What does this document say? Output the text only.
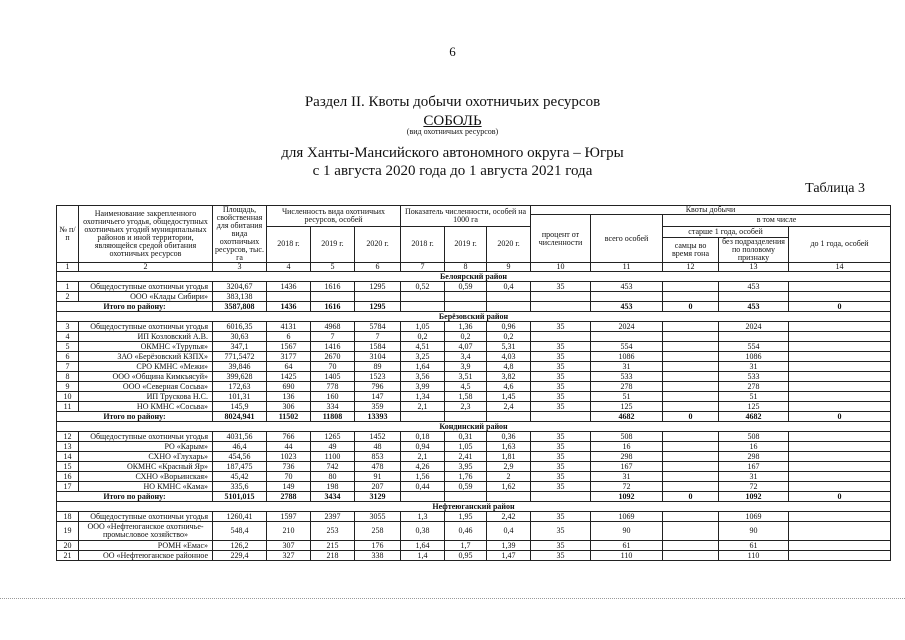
6
Раздел II. Квоты добычи охотничьих ресурсов
СОБОЛЬ
(вид охотничьих ресурсов)
для Ханты-Мансийского автономного округа – Югры
с 1 августа 2020 года до 1 августа 2021 года
Таблица 3
№ п/п	Наименование закрепленного охотничьего угодья, общедоступных охотничьих угодий муниципальных районов и иной территории, являющейся средой обитания охотничьих ресурсов	Площадь, свойственная для обитания вида охотничьих ресурсов, тыс. га	Численность вида охотничьих ресурсов, особей			Показатель численности, особей на 1000 га			Квоты добычи				
									процент от численности	всего особей	в том числе		
			2018 г.	2019 г.	2020 г.	2018 г.	2019 г.	2020 г.			старше 1 года, особей		до 1 года, особей
											самцы во время гона	без подразделения по половому признаку	
1	2	3	4	5	6	7	8	9	10	11	12	13	14
Белоярский район													
1	Общедоступные охотничьи угодья	3204,67	1436	1616	1295	0,52	0,59	0,4	35	453		453	
2	ООО «Клады Сибири»	383,138											
Итого по району:		3587,808	1436	1616	1295					453	0	453	0
Берёзовский район													
3	Общедоступные охотничьи угодья	6016,35	4131	4968	5784	1,05	1,36	0,96	35	2024		2024	
4	ИП Козловский А.В.	30,63	6	7	7	0,2	0,2	0,2					
5	ОКМНС «Турупья»	347,1	1567	1416	1584	4,51	4,07	5,31	35	554		554	
6	ЗАО «Берёзовский КЗПХ»	771,5472	3177	2670	3104	3,25	3,4	4,03	35	1086		1086	
7	СРО КМНС «Межи»	39,846	64	70	89	1,64	3,9	4,8	35	31		31	
8	ООО «Община Кимкъясуй»	399,628	1425	1405	1523	3,56	3,51	3,82	35	533		533	
9	ООО «Северная Сосьва»	172,63	690	778	796	3,99	4,5	4,6	35	278		278	
10	ИП Трускова Н.С.	101,31	136	160	147	1,34	1,58	1,45	35	51		51	
11	НО КМНС «Сосьва»	145,9	306	334	359	2,1	2,3	2,4	35	125		125	
Итого по району:		8024,941	11502	11808	13393					4682	0	4682	0
Кондинский район													
12	Общедоступные охотничьи угодья	4031,56	766	1265	1452	0,18	0,31	0,36	35	508		508	
13	РО «Карым»	46,4	44	49	48	0,94	1,05	1,63	35	16		16	
14	СХНО «Глухарь»	454,56	1023	1100	853	2,1	2,41	1,81	35	298		298	
15	ОКМНС «Красный Яр»	187,475	736	742	478	4,26	3,95	2,9	35	167		167	
16	СХНО «Ворьинская»	45,42	70	80	91	1,56	1,76	2	35	31		31	
17	НО КМНС «Кама»	335,6	149	198	207	0,44	0,59	1,62	35	72		72	
Итого по району:		5101,015	2788	3434	3129					1092	0	1092	0
Нефтеюганский район													
18	Общедоступные охотничьи угодья	1260,41	1597	2397	3055	1,3	1,95	2,42	35	1069		1069	
19	ООО «Нефтеюганское охотничье-промысловое хозяйство»	548,4	210	253	258	0,38	0,46	0,4	35	90		90	
20	РОМН «Емас»	126,2	307	215	176	1,64	1,7	1,39	35	61		61	
21	ОО «Нефтеюганское районное	229,4	327	218	338	1,4	0,95	1,47	35	110		110	
